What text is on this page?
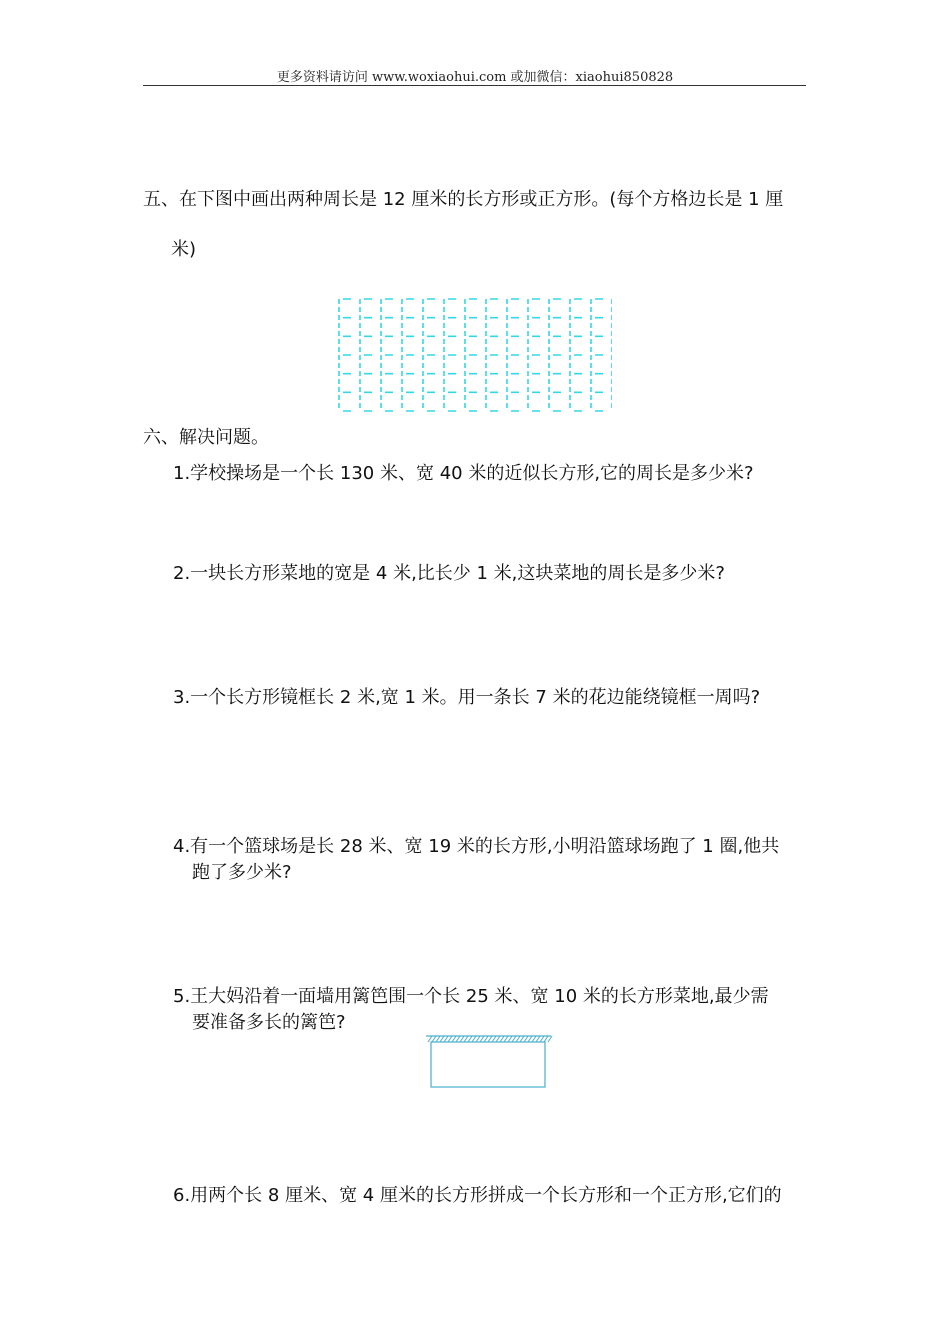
更多资料请访问 www.woxiaohui.com 或加微信：xiaohui850828
五、在下图中画出两种周长是 12 厘米的长方形或正方形。(每个方格边长是 1 厘
米)
六、解决问题。
1.学校操场是一个长 130 米、宽 40 米的近似长方形,它的周长是多少米?
2.一块长方形菜地的宽是 4 米,比长少 1 米,这块菜地的周长是多少米?
3.一个长方形镜框长 2 米,宽 1 米。用一条长 7 米的花边能绕镜框一周吗?
4.有一个篮球场是长 28 米、宽 19 米的长方形,小明沿篮球场跑了 1 圈,他共
跑了多少米?
5.王大妈沿着一面墙用篱笆围一个长 25 米、宽 10 米的长方形菜地,最少需
要准备多长的篱笆?
6.用两个长 8 厘米、宽 4 厘米的长方形拼成一个长方形和一个正方形,它们的
